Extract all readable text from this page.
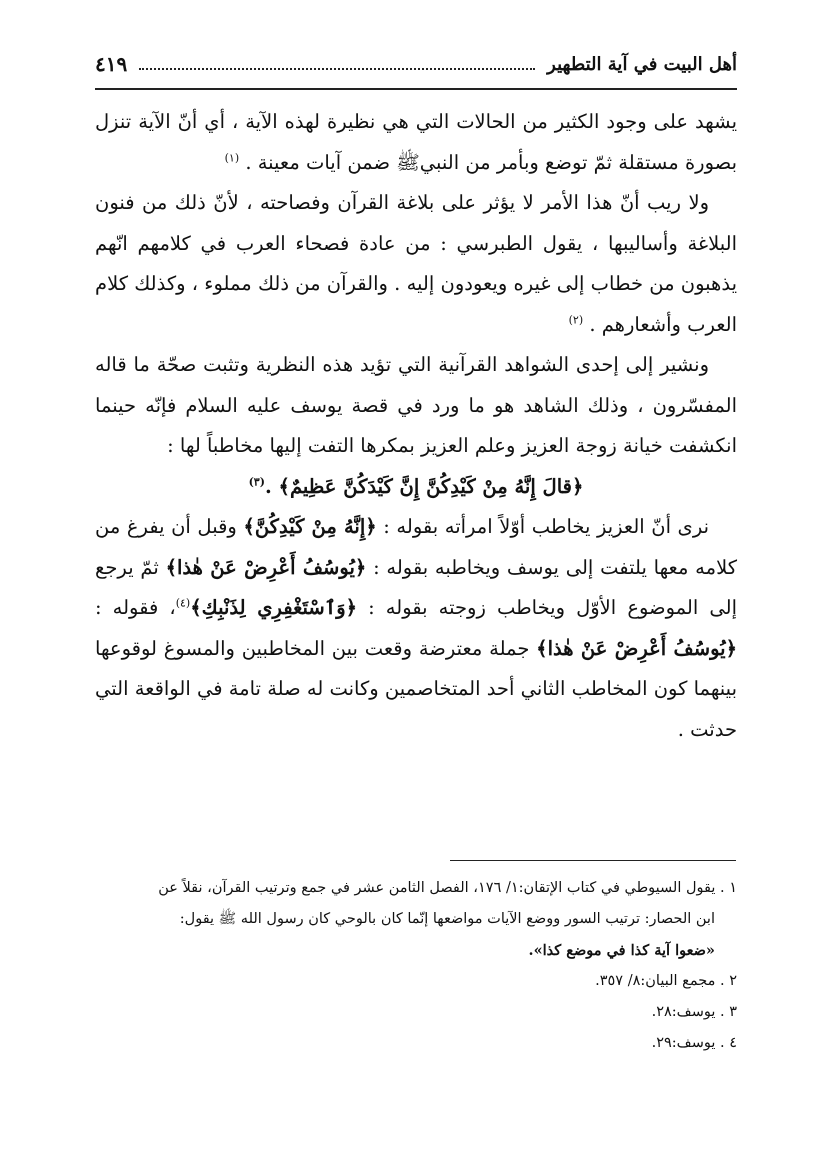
أهل البيت في آية التطهير
٤١٩

يشهد على وجود الكثير من الحالات التي هي نظيرة لهذه الآية ، أي أنّ الآية تنزل بصورة مستقلة ثمّ توضع وبأمر من النبيﷺ ضمن آيات معينة . $^{(١)}$

ولا ريب أنّ هذا الأمر لا يؤثر على بلاغة القرآن وفصاحته ، لأنّ ذلك من فنون البلاغة وأساليبها ، يقول الطبرسي : من عادة فصحاء العرب في كلامهم انّهم يذهبون من خطاب إلى غيره ويعودون إليه . والقرآن من ذلك مملوء ، وكذلك كلام العرب وأشعارهم . $^{(٢)}$

ونشير إلى إحدى الشواهد القرآنية التي تؤيد هذه النظرية وتثبت صحّة ما قاله المفسّرون ، وذلك الشاهد هو ما ورد في قصة يوسف عليه السلام فإنّه حينما انكشفت خيانة زوجة العزيز وعلم العزيز بمكرها التفت إليها مخاطباً لها :

﴿قالَ إِنَّهُ مِنْ كَيْدِكُنَّ إِنَّ كَيْدَكُنَّ عَظِيمٌ﴾ .$^{(٣)}$

نرى أنّ العزيز يخاطب أوّلاً امرأته بقوله : ﴿إِنَّهُ مِنْ كَيْدِكُنَّ﴾ وقبل أن يفرغ من كلامه معها يلتفت إلى يوسف ويخاطبه بقوله : ﴿يُوسُفُ أَعْرِضْ عَنْ هٰذا﴾ ثمّ يرجع إلى الموضوع الأوّل ويخاطب زوجته بقوله : ﴿وَٱسْتَغْفِرِي لِذَنْبِكِ﴾$^{(٤)}$، فقوله : ﴿يُوسُفُ أَعْرِضْ عَنْ هٰذا﴾ جملة معترضة وقعت بين المخاطبين والمسوغ لوقوعها بينهما كون المخاطب الثاني أحد المتخاصمين وكانت له صلة تامة في الواقعة التي حدثت .

١ . يقول السيوطي في كتاب الإتقان:١/ ١٧٦، الفصل الثامن عشر في جمع وترتيب القرآن، نقلاً عن

ابن الحصار: ترتيب السور ووضع الآيات مواضعها إنّما كان بالوحي كان رسول الله ﷺ يقول:

«ضعوا آية كذا في موضع كذا».

٢ . مجمع البيان:٨/ ٣٥٧.

٣ . يوسف:٢٨.

٤ . يوسف:٢٩.
